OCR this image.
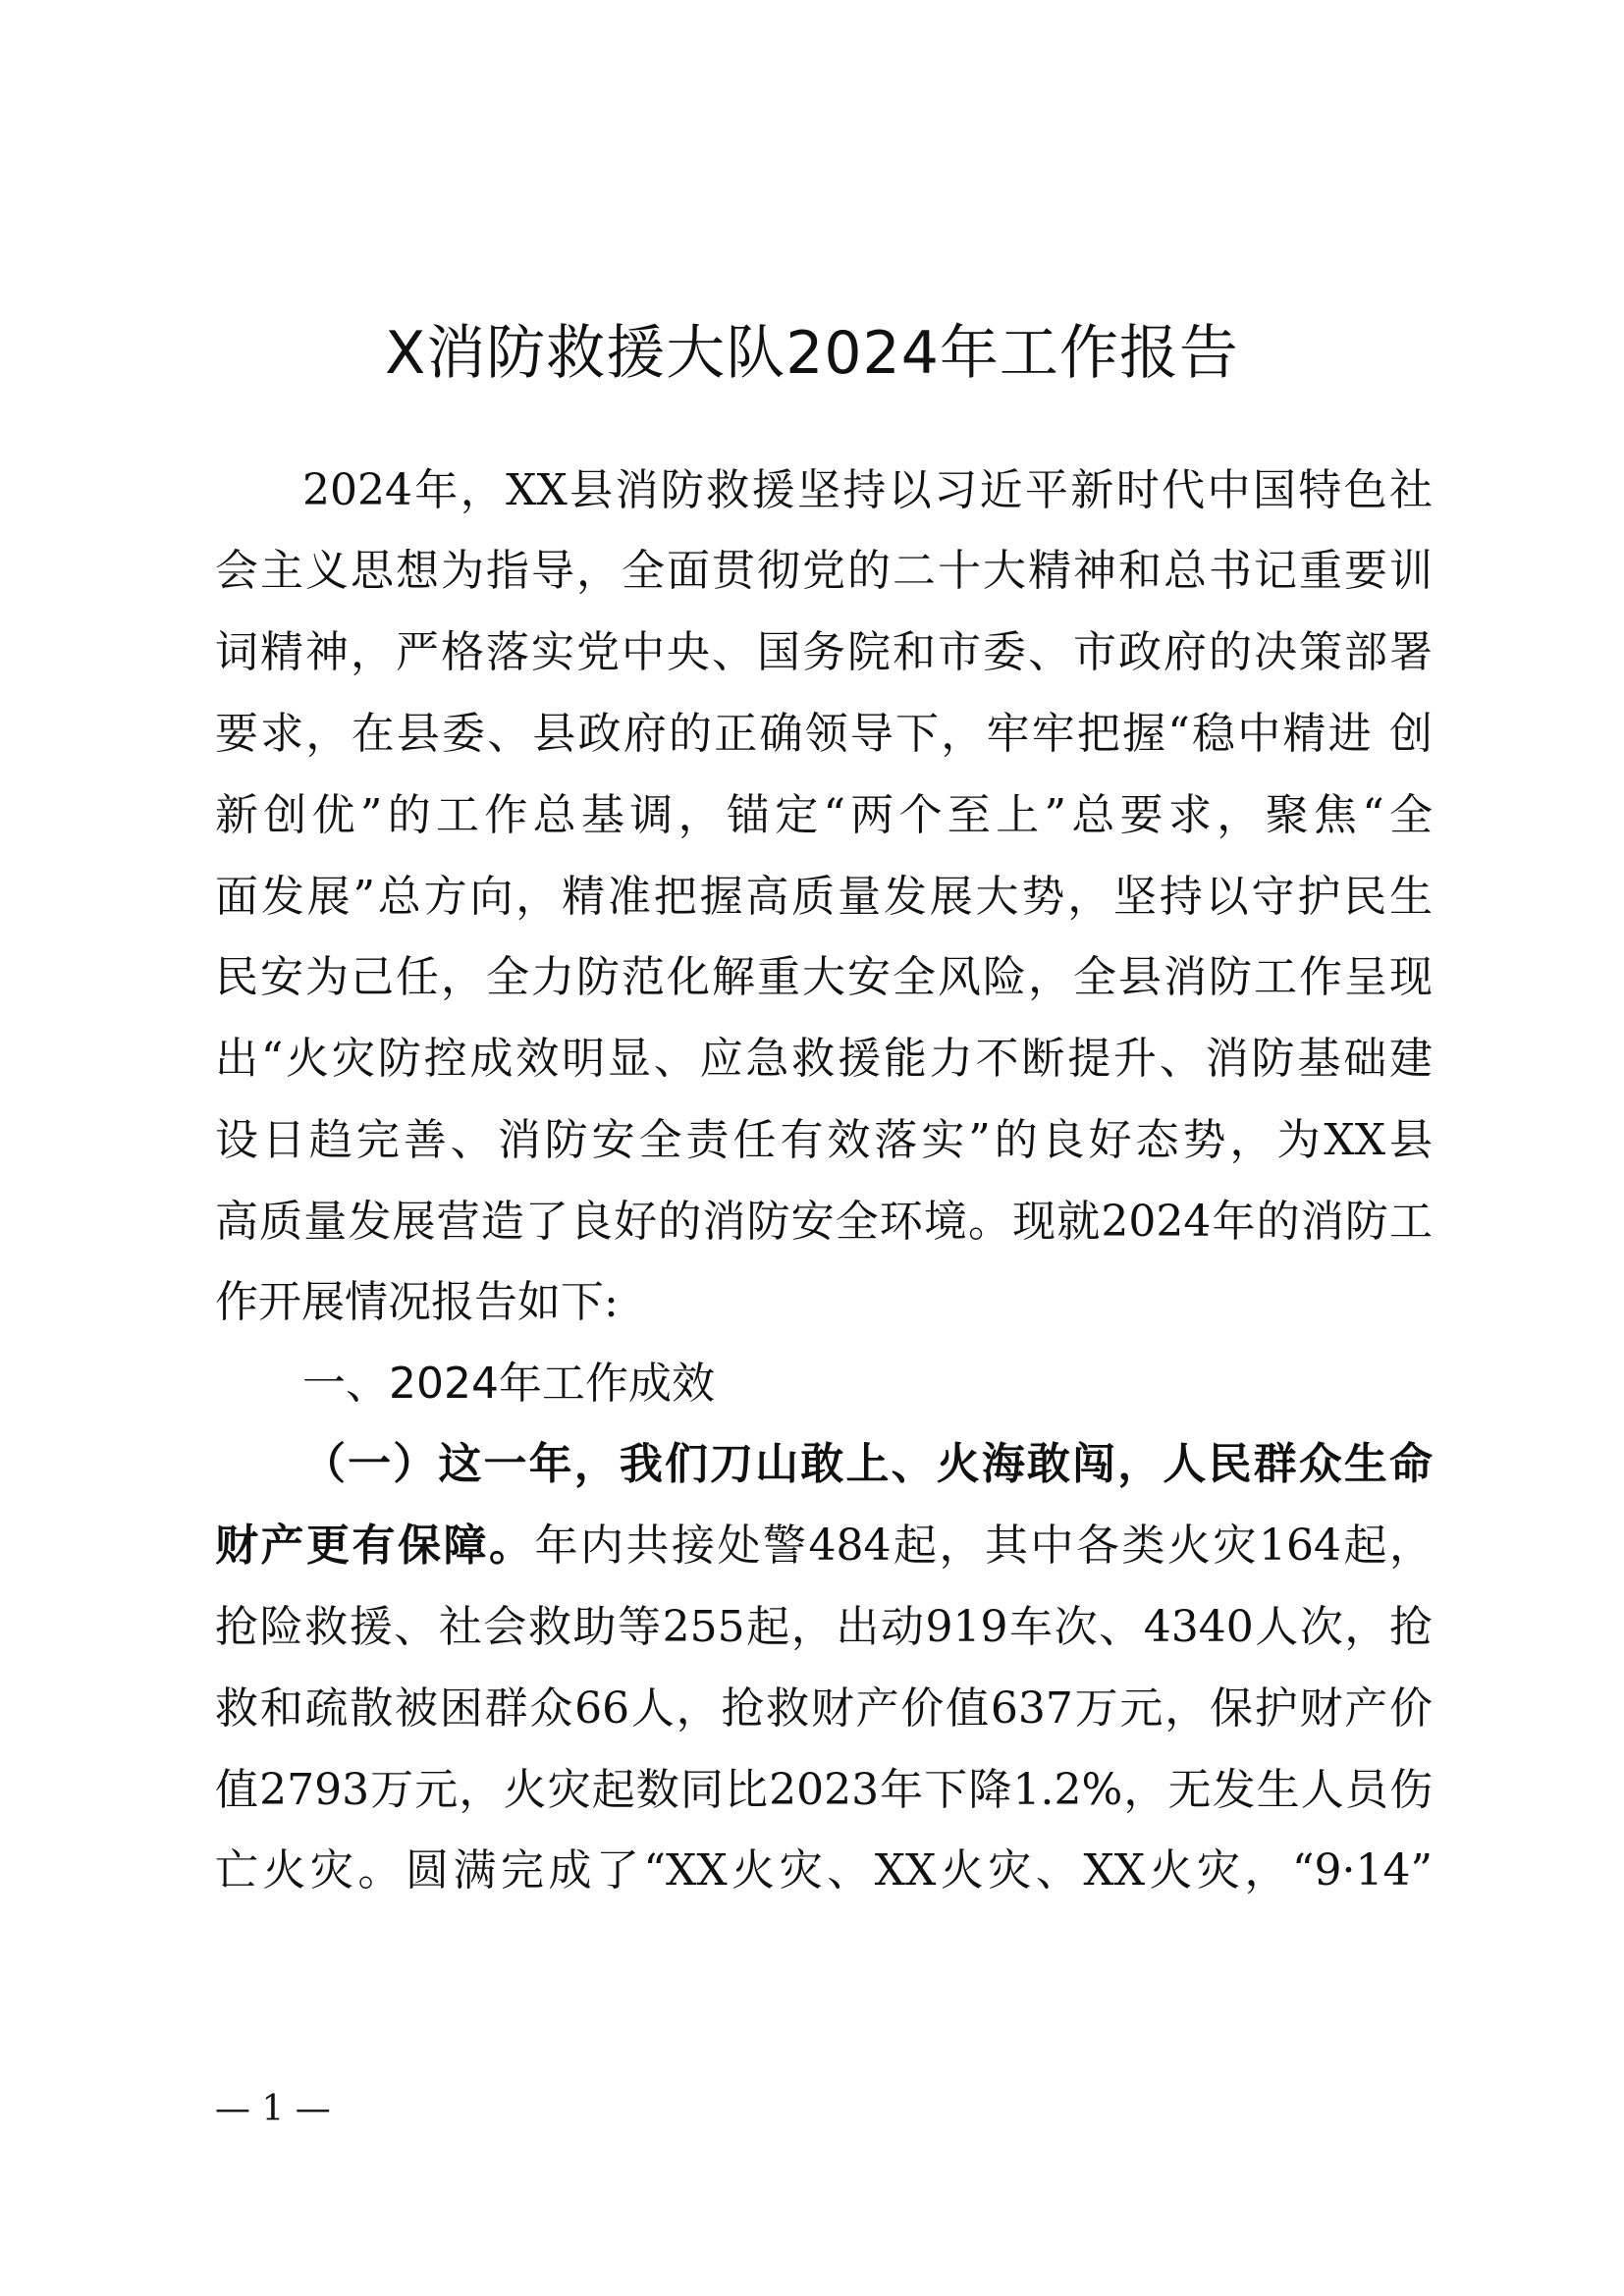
X消防救援大队2024年工作报告
2024年，XX县消防救援坚持以习近平新时代中国特色社
会主义思想为指导，全面贯彻党的二十大精神和总书记重要训
词精神，严格落实党中央、国务院和市委、市政府的决策部署
要求，在县委、县政府的正确领导下，牢牢把握“稳中精进 创
新创优”的工作总基调，锚定“两个至上”总要求，聚焦“全
面发展”总方向，精准把握高质量发展大势，坚持以守护民生
民安为己任，全力防范化解重大安全风险，全县消防工作呈现
出“火灾防控成效明显、应急救援能力不断提升、消防基础建
设日趋完善、消防安全责任有效落实”的良好态势，为XX县
高质量发展营造了良好的消防安全环境。现就2024年的消防工
作开展情况报告如下:
一、2024年工作成效
（一）这一年，我们刀山敢上、火海敢闯，人民群众生命
财产更有保障。年内共接处警484起，其中各类火灾164起，
抢险救援、社会救助等255起，出动919车次、4340人次，抢
救和疏散被困群众66人，抢救财产价值637万元，保护财产价
值2793万元，火灾起数同比2023年下降1.2%，无发生人员伤
亡火灾。圆满完成了“XX火灾、XX火灾、XX火灾，“9·14”
— 1 —
